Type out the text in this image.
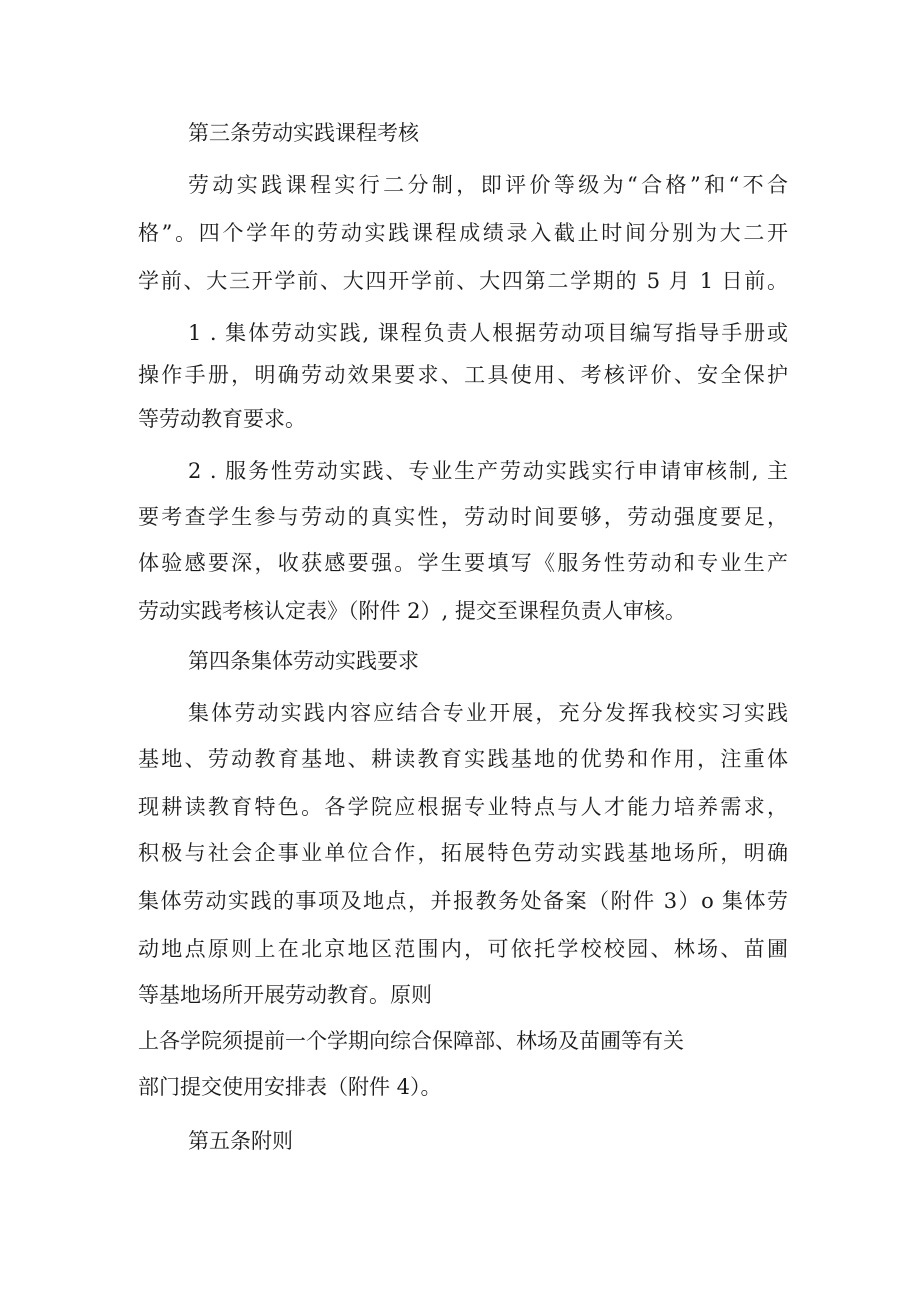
第三条劳动实践课程考核
劳动实践课程实行二分制，即评价等级为“合格”和“不合
格”。四个学年的劳动实践课程成绩录入截止时间分别为大二开
学前、大三开学前、大四开学前、大四第二学期的 5 月 1 日前。
1 . 集体劳动实践, 课程负责人根据劳动项目编写指导手册或
操作手册，明确劳动效果要求、工具使用、考核评价、安全保护
等劳动教育要求。
2 . 服务性劳动实践、专业生产劳动实践实行申请审核制, 主
要考查学生参与劳动的真实性，劳动时间要够，劳动强度要足，
体验感要深，收获感要强。学生要填写《服务性劳动和专业生产
劳动实践考核认定表》（附件 2）, 提交至课程负责人审核。
第四条集体劳动实践要求
集体劳动实践内容应结合专业开展，充分发挥我校实习实践
基地、劳动教育基地、耕读教育实践基地的优势和作用，注重体
现耕读教育特色。各学院应根据专业特点与人才能力培养需求，
积极与社会企事业单位合作，拓展特色劳动实践基地场所，明确
集体劳动实践的事项及地点，并报教务处备案（附件 3）o 集体劳
动地点原则上在北京地区范围内，可依托学校校园、林场、苗圃
等基地场所开展劳动教育。原则
上各学院须提前一个学期向综合保障部、林场及苗圃等有关
部门提交使用安排表（附件 4）。
第五条附则
